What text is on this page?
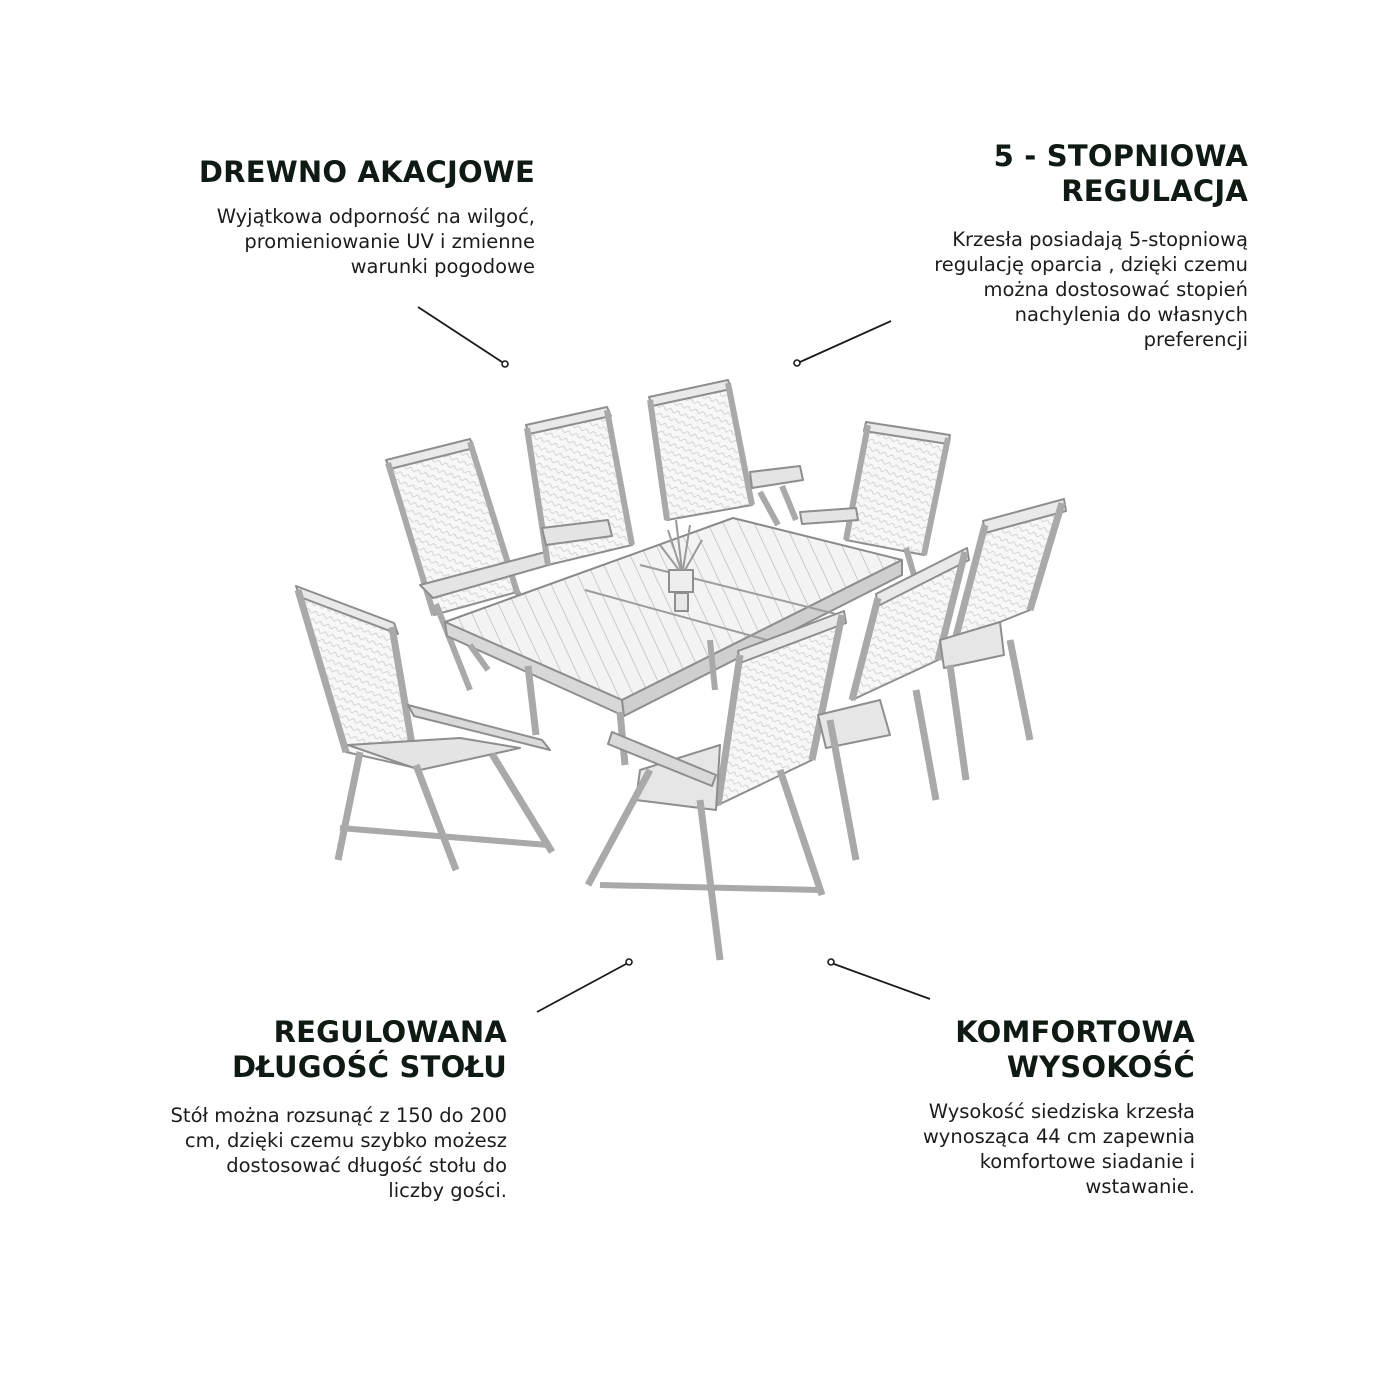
DREWNO AKACJOWE

Wyjątkowa odporność na wilgoć,
promieniowanie UV i zmienne
warunki pogodowe

5 - STOPNIOWA
REGULACJA

Krzesła posiadają 5-stopniową
regulację oparcia , dzięki czemu
można dostosować stopień
nachylenia do własnych
preferencji

REGULOWANA
DŁUGOŚĆ STOŁU

Stół można rozsunąć z 150 do 200
cm, dzięki czemu szybko możesz
dostosować długość stołu do
liczby gości.

KOMFORTOWA
WYSOKOŚĆ

Wysokość siedziska krzesła
wynosząca 44 cm zapewnia
komfortowe siadanie i
wstawanie.
